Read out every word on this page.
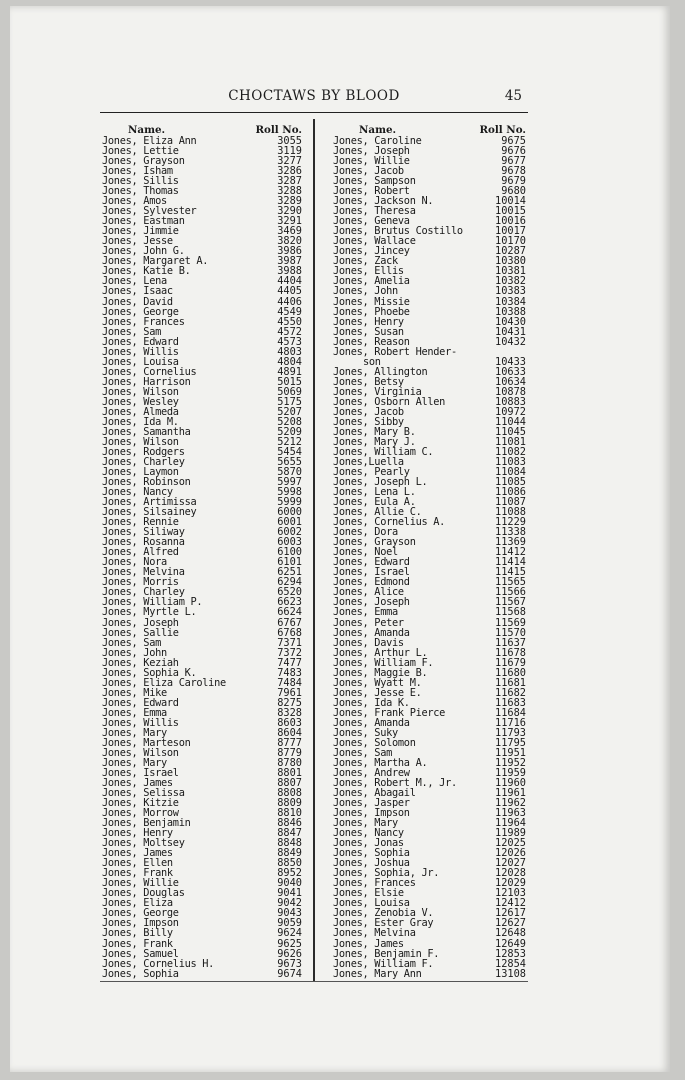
CHOCTAWS BY BLOOD	45
Name.	Roll No.
Jones, Eliza Ann	3055
Jones, Lettie	3119
Jones, Grayson	3277
Jones, Isham	3286
Jones, Sillis	3287
Jones, Thomas	3288
Jones, Amos	3289
Jones, Sylvester	3290
Jones, Eastman	3291
Jones, Jimmie	3469
Jones, Jesse	3820
Jones, John G.	3986
Jones, Margaret A.	3987
Jones, Katie B.	3988
Jones, Lena	4404
Jones, Isaac	4405
Jones, David	4406
Jones, George	4549
Jones, Frances	4550
Jones, Sam	4572
Jones, Edward	4573
Jones, Willis	4803
Jones, Louisa	4804
Jones, Cornelius	4891
Jones, Harrison	5015
Jones, Wilson	5069
Jones, Wesley	5175
Jones, Almeda	5207
Jones, Ida M.	5208
Jones, Samantha	5209
Jones, Wilson	5212
Jones, Rodgers	5454
Jones, Charley	5655
Jones, Laymon	5870
Jones, Robinson	5997
Jones, Nancy	5998
Jones, Artimissa	5999
Jones, Silsainey	6000
Jones, Rennie	6001
Jones, Siliway	6002
Jones, Rosanna	6003
Jones, Alfred	6100
Jones, Nora	6101
Jones, Melvina	6251
Jones, Morris	6294
Jones, Charley	6520
Jones, William P.	6623
Jones, Myrtle L.	6624
Jones, Joseph	6767
Jones, Sallie	6768
Jones, Sam	7371
Jones, John	7372
Jones, Keziah	7477
Jones, Sophia K.	7483
Jones, Eliza Caroline	7484
Jones, Mike	7961
Jones, Edward	8275
Jones, Emma	8328
Jones, Willis	8603
Jones, Mary	8604
Jones, Marteson	8777
Jones, Wilson	8779
Jones, Mary	8780
Jones, Israel	8801
Jones, James	8807
Jones, Selissa	8808
Jones, Kitzie	8809
Jones, Morrow	8810
Jones, Benjamin	8846
Jones, Henry	8847
Jones, Moltsey	8848
Jones, James	8849
Jones, Ellen	8850
Jones, Frank	8952
Jones, Willie	9040
Jones, Douglas	9041
Jones, Eliza	9042
Jones, George	9043
Jones, Impson	9059
Jones, Billy	9624
Jones, Frank	9625
Jones, Samuel	9626
Jones, Cornelius H.	9673
Jones, Sophia	9674
Name.	Roll No.
Jones, Caroline	9675
Jones, Joseph	9676
Jones, Willie	9677
Jones, Jacob	9678
Jones, Sampson	9679
Jones, Robert	9680
Jones, Jackson N.	10014
Jones, Theresa	10015
Jones, Geneva	10016
Jones, Brutus Costillo	10017
Jones, Wallace	10170
Jones, Jincey	10287
Jones, Zack	10380
Jones, Ellis	10381
Jones, Amelia	10382
Jones, John	10383
Jones, Missie	10384
Jones, Phoebe	10388
Jones, Henry	10430
Jones, Susan	10431
Jones, Reason	10432
Jones, Robert Hender-
son	10433
Jones, Allington	10633
Jones, Betsy	10634
Jones, Virginia	10878
Jones, Osborn Allen	10883
Jones, Jacob	10972
Jones, Sibby	11044
Jones, Mary B.	11045
Jones, Mary J.	11081
Jones, William C.	11082
Jones,Luella	11083
Jones, Pearly	11084
Jones, Joseph L.	11085
Jones, Lena L.	11086
Jones, Eula A.	11087
Jones, Allie C.	11088
Jones, Cornelius A.	11229
Jones, Dora	11338
Jones, Grayson	11369
Jones, Noel	11412
Jones, Edward	11414
Jones, Israel	11415
Jones, Edmond	11565
Jones, Alice	11566
Jones, Joseph	11567
Jones, Emma	11568
Jones, Peter	11569
Jones, Amanda	11570
Jones, Davis	11637
Jones, Arthur L.	11678
Jones, William F.	11679
Jones, Maggie B.	11680
Jones, Wyatt M.	11681
Jones, Jesse E.	11682
Jones, Ida K.	11683
Jones, Frank Pierce	11684
Jones, Amanda	11716
Jones, Suky	11793
Jones, Solomon	11795
Jones, Sam	11951
Jones, Martha A.	11952
Jones, Andrew	11959
Jones, Robert M., Jr.	11960
Jones, Abagail	11961
Jones, Jasper	11962
Jones, Impson	11963
Jones, Mary	11964
Jones, Nancy	11989
Jones, Jonas	12025
Jones, Sophia	12026
Jones, Joshua	12027
Jones, Sophia, Jr.	12028
Jones, Frances	12029
Jones, Elsie	12103
Jones, Louisa	12412
Jones, Zenobia V.	12617
Jones, Ester Gray	12627
Jones, Melvina	12648
Jones, James	12649
Jones, Benjamin F.	12853
Jones, William F.	12854
Jones, Mary Ann	13108
